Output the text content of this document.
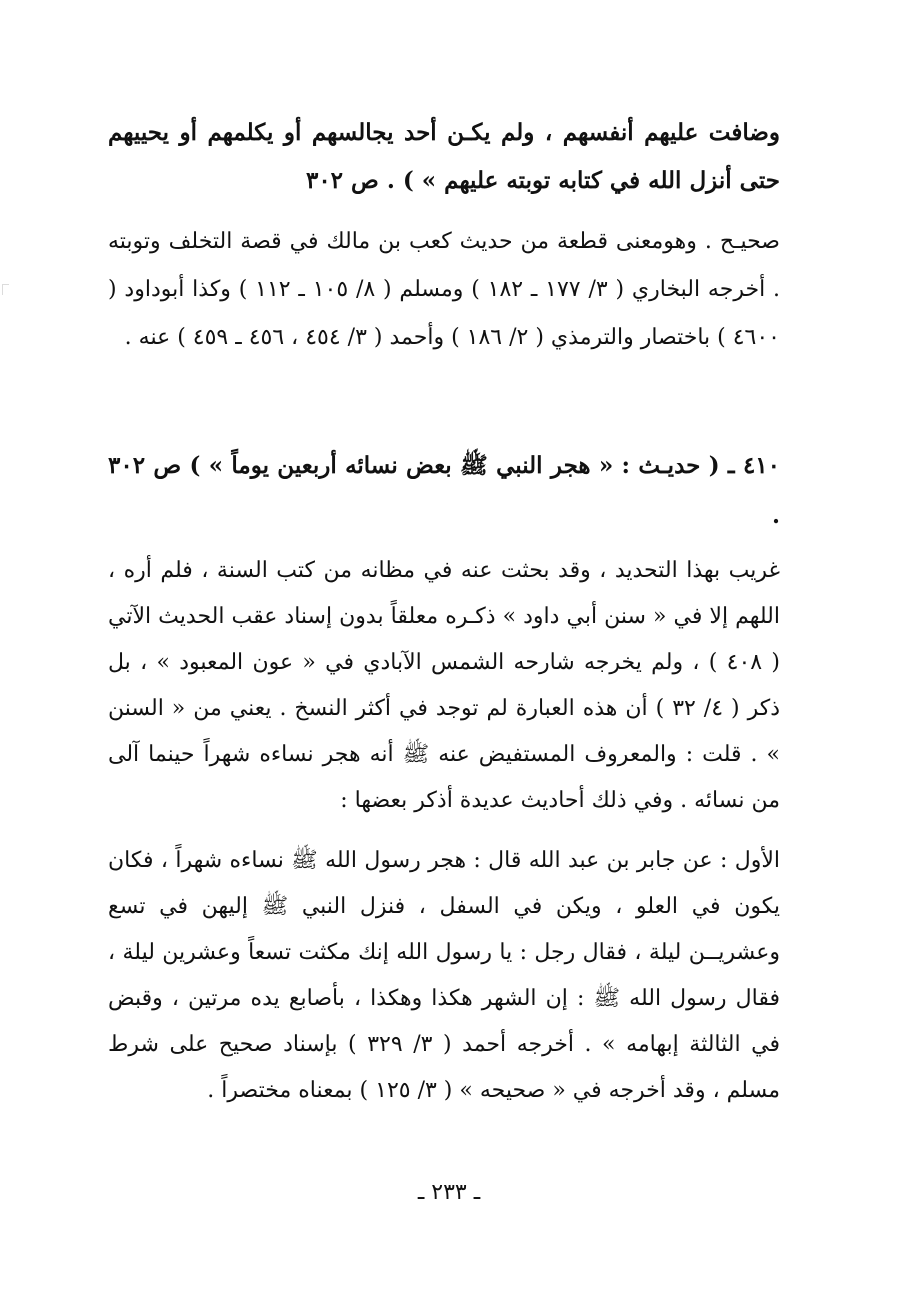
وضافت عليهم أنفسهم ، ولم يكـن أحد يجالسهم أو يكلمهم أو يحييهم حتى أنزل الله في كتابه توبته عليهم » ) . ص ٣٠٢

صحيـح . وهومعنى قطعة من حديث كعب بن مالك في قصة التخلف وتوبته . أخرجه البخاري ( ٣/ ١٧٧ ـ ١٨٢ ) ومسلم ( ٨/ ١٠٥ ـ ١١٢ ) وكذا أبوداود ( ٤٦٠٠ ) باختصار والترمذي ( ٢/ ١٨٦ ) وأحمد ( ٣/ ٤٥٤ ، ٤٥٦ ـ ٤٥٩ ) عنه .

٤١٠ ـ ( حديـث : « هجر النبي ﷺ بعض نسائه أربعين يوماً » ) ص ٣٠٢ .

غريب بهذا التحديد ، وقد بحثت عنه في مظانه من كتب السنة ، فلم أره ، اللهم إلا في « سنن أبي داود » ذكـره معلقاً بدون إسناد عقب الحديث الآتي ( ٤٠٨ ) ، ولم يخرجه شارحه الشمس الآبادي في « عون المعبود » ، بل ذكر ( ٤/ ٣٢ ) أن هذه العبارة لم توجد في أكثر النسخ . يعني من « السنن » . قلت : والمعروف المستفيض عنه ﷺ أنه هجر نساءه شهراً حينما آلى من نسائه . وفي ذلك أحاديث عديدة أذكر بعضها :

الأول : عن جابر بن عبد الله قال : هجر رسول الله ﷺ نساءه شهراً ، فكان يكون في العلو ، ويكن في السفل ، فنزل النبي ﷺ إليهن في تسع وعشريــن ليلة ، فقال رجل : يا رسول الله إنك مكثت تسعاً وعشرين ليلة ، فقال رسول الله ﷺ : إن الشهر هكذا وهكذا ، بأصابع يده مرتين ، وقبض في الثالثة إبهامه » . أخرجه أحمد ( ٣/ ٣٢٩ ) بإسناد صحيح على شرط مسلم ، وقد أخرجه في « صحيحه » ( ٣/ ١٢٥ ) بمعناه مختصراً .

ـ ٢٣٣ ـ
